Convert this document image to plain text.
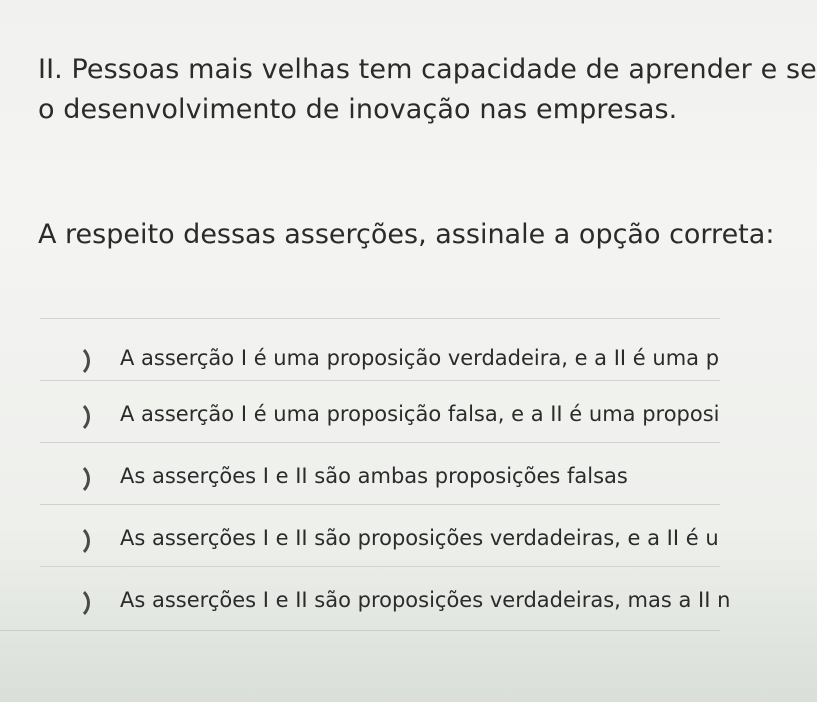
II. Pessoas mais velhas tem capacidade de aprender e se
o desenvolvimento de inovação nas empresas.
A respeito dessas asserções, assinale a opção correta:
A asserção I é uma proposição verdadeira, e a II é uma p
A asserção I é uma proposição falsa, e a II é uma proposi
As asserções I e II são ambas proposições falsas
As asserções I e II são proposições verdadeiras, e a II é u
As asserções I e II são proposições verdadeiras, mas a II n
